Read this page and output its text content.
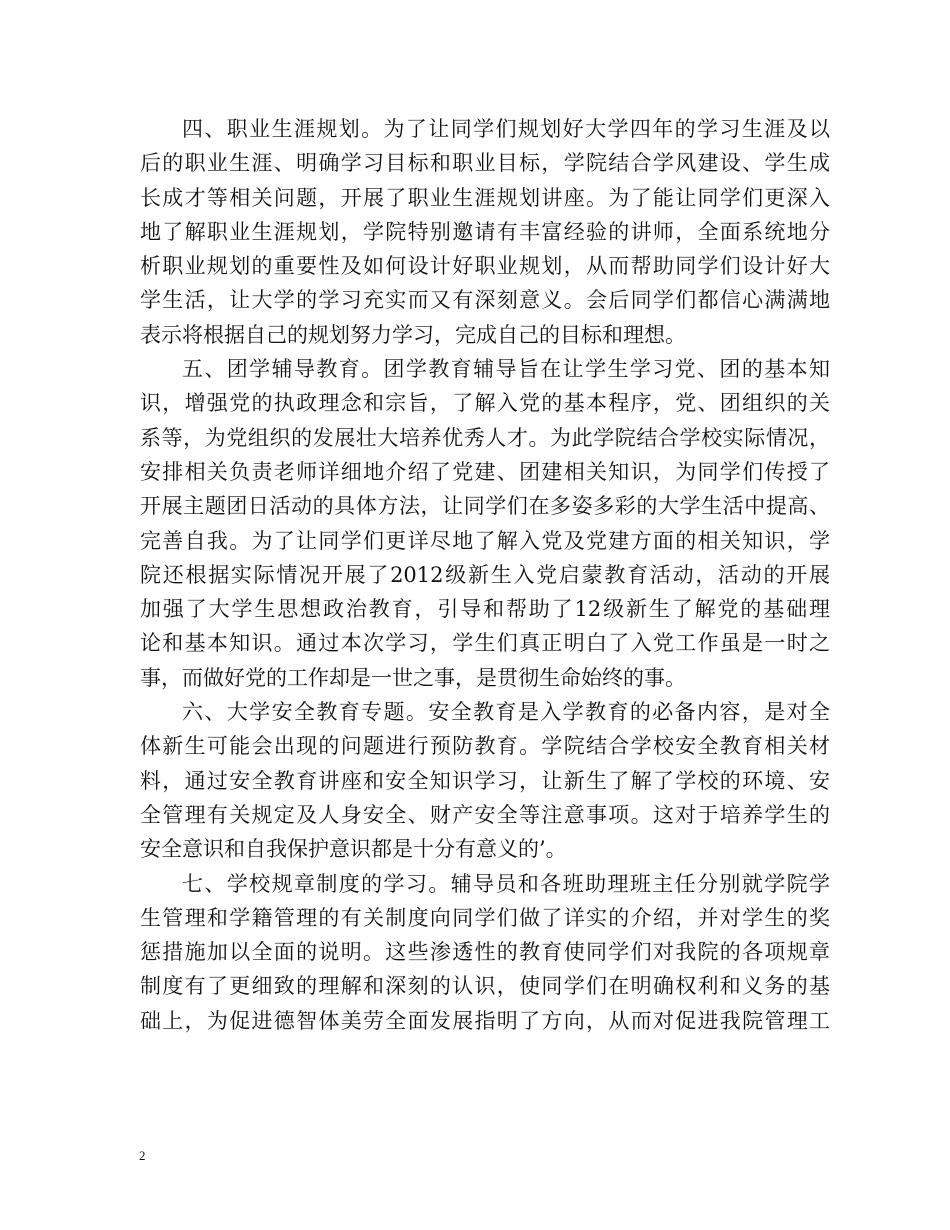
四、职业生涯规划。为了让同学们规划好大学四年的学习生涯及以
后的职业生涯、明确学习目标和职业目标，学院结合学风建设、学生成
长成才等相关问题，开展了职业生涯规划讲座。为了能让同学们更深入
地了解职业生涯规划，学院特别邀请有丰富经验的讲师，全面系统地分
析职业规划的重要性及如何设计好职业规划，从而帮助同学们设计好大
学生活，让大学的学习充实而又有深刻意义。会后同学们都信心满满地
表示将根据自己的规划努力学习，完成自己的目标和理想。
五、团学辅导教育。团学教育辅导旨在让学生学习党、团的基本知
识，增强党的执政理念和宗旨，了解入党的基本程序，党、团组织的关
系等，为党组织的发展壮大培养优秀人才。为此学院结合学校实际情况，
安排相关负责老师详细地介绍了党建、团建相关知识，为同学们传授了
开展主题团日活动的具体方法，让同学们在多姿多彩的大学生活中提高、
完善自我。为了让同学们更详尽地了解入党及党建方面的相关知识，学
院还根据实际情况开展了2012级新生入党启蒙教育活动，活动的开展
加强了大学生思想政治教育，引导和帮助了12级新生了解党的基础理
论和基本知识。通过本次学习，学生们真正明白了入党工作虽是一时之
事，而做好党的工作却是一世之事，是贯彻生命始终的事。
六、大学安全教育专题。安全教育是入学教育的必备内容，是对全
体新生可能会出现的问题进行预防教育。学院结合学校安全教育相关材
料，通过安全教育讲座和安全知识学习，让新生了解了学校的环境、安
全管理有关规定及人身安全、财产安全等注意事项。这对于培养学生的
安全意识和自我保护意识都是十分有意义的’。
七、学校规章制度的学习。辅导员和各班助理班主任分别就学院学
生管理和学籍管理的有关制度向同学们做了详实的介绍，并对学生的奖
惩措施加以全面的说明。这些渗透性的教育使同学们对我院的各项规章
制度有了更细致的理解和深刻的认识，使同学们在明确权利和义务的基
础上，为促进德智体美劳全面发展指明了方向，从而对促进我院管理工
2
